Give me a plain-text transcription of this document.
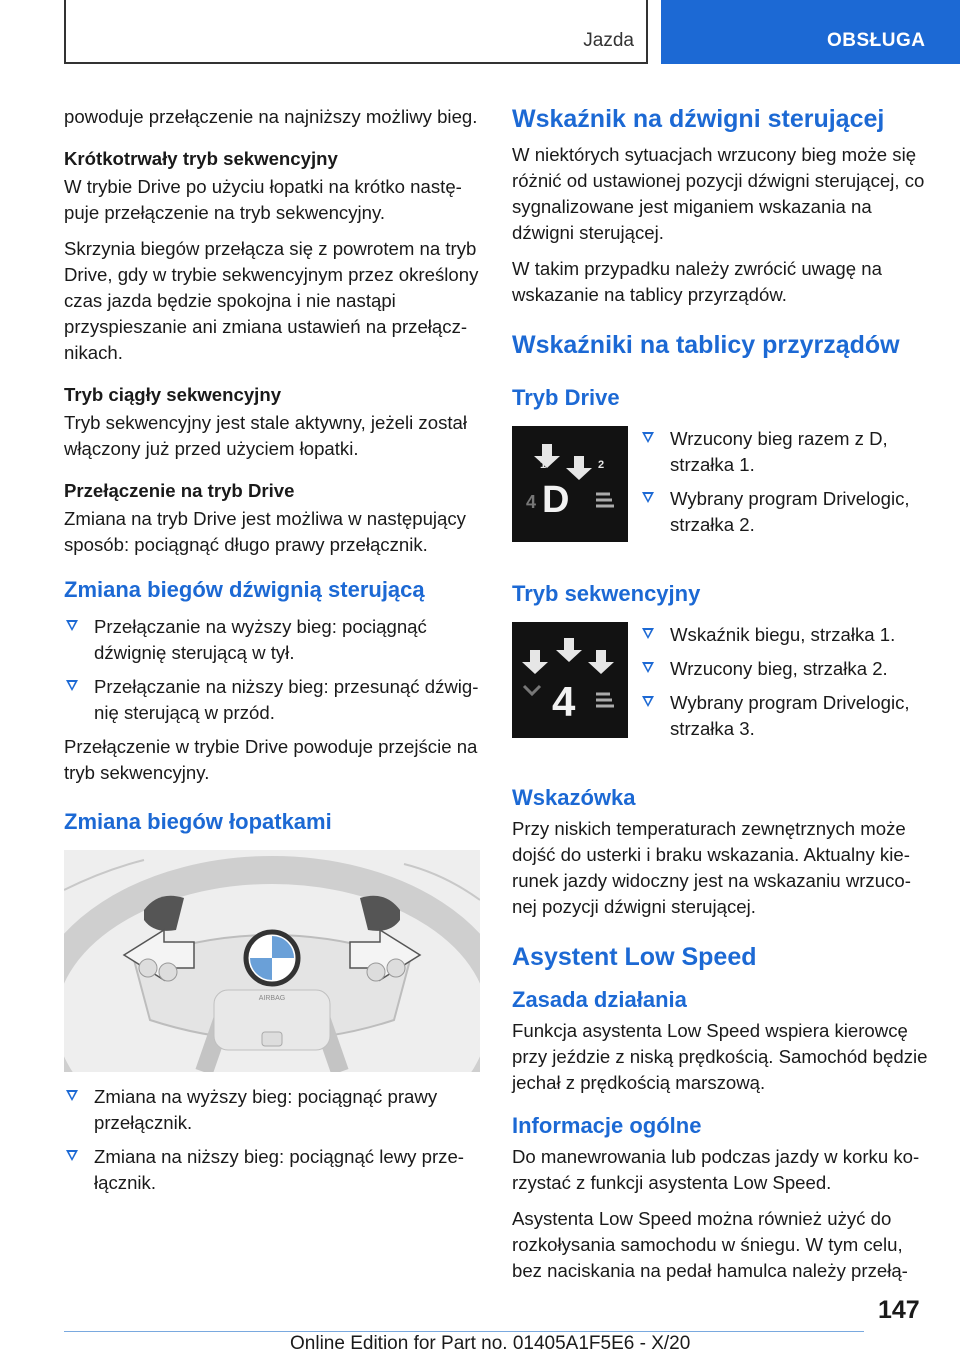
Jazda	OBSŁUGA

powoduje przełączenie na najniższy możliwy bieg.

Krótkotrwały tryb sekwencyjny

W trybie Drive po użyciu łopatki na krótko następuje przełączenie na tryb sekwencyjny.

Skrzynia biegów przełącza się z powrotem na tryb Drive, gdy w trybie sekwencyjnym przez określony czas jazda będzie spokojna i nie nastąpi przyspieszanie ani zmiana ustawień na przełącznikach.

Tryb ciągły sekwencyjny

Tryb sekwencyjny jest stale aktywny, jeżeli został włączony już przed użyciem łopatki.

Przełączenie na tryb Drive

Zmiana na tryb Drive jest możliwa w następujący sposób: pociągnąć długo prawy przełącznik.

Zmiana biegów dźwignią sterującą
Przełączanie na wyższy bieg: pociągnąć dźwignię sterującą w tył.
Przełączanie na niższy bieg: przesunąć dźwignię sterującą w przód.

Przełączenie w trybie Drive powoduje przejście na tryb sekwencyjny.

Zmiana biegów łopatkami
AIRBAG
Zmiana na wyższy bieg: pociągnąć prawy przełącznik.
Zmiana na niższy bieg: pociągnąć lewy przełącznik.
Wskaźnik na dźwigni sterującej

W niektórych sytuacjach wrzucony bieg może się różnić od ustawionej pozycji dźwigni sterującej, co sygnalizowane jest miganiem wskazania na dźwigni sterującej.

W takim przypadku należy zwrócić uwagę na wskazanie na tablicy przyrządów.

Wskaźniki na tablicy przyrządów
Tryb Drive
1	2
4 D
Wrzucony bieg razem z D, strzałka 1.
Wybrany program Drivelogic, strzałka 2.
Tryb sekwencyjny
1
2
3
4
Wskaźnik biegu, strzałka 1.
Wrzucony bieg, strzałka 2.
Wybrany program Drivelogic, strzałka 3.
Wskazówka

Przy niskich temperaturach zewnętrznych może dojść do usterki i braku wskazania. Aktualny kierunek jazdy widoczny jest na wskazaniu wrzuconej pozycji dźwigni sterującej.

Asystent Low Speed
Zasada działania

Funkcja asystenta Low Speed wspiera kierowcę przy jeździe z niską prędkością. Samochód będzie jechał z prędkością marszową.

Informacje ogólne

Do manewrowania lub podczas jazdy w korku korzystać z funkcji asystenta Low Speed.

Asystenta Low Speed można również użyć do rozkołysania samochodu w śniegu. W tym celu, bez naciskania na pedał hamulca należy przełą-

147
Online Edition for Part no. 01405A1F5E6 - X/20
